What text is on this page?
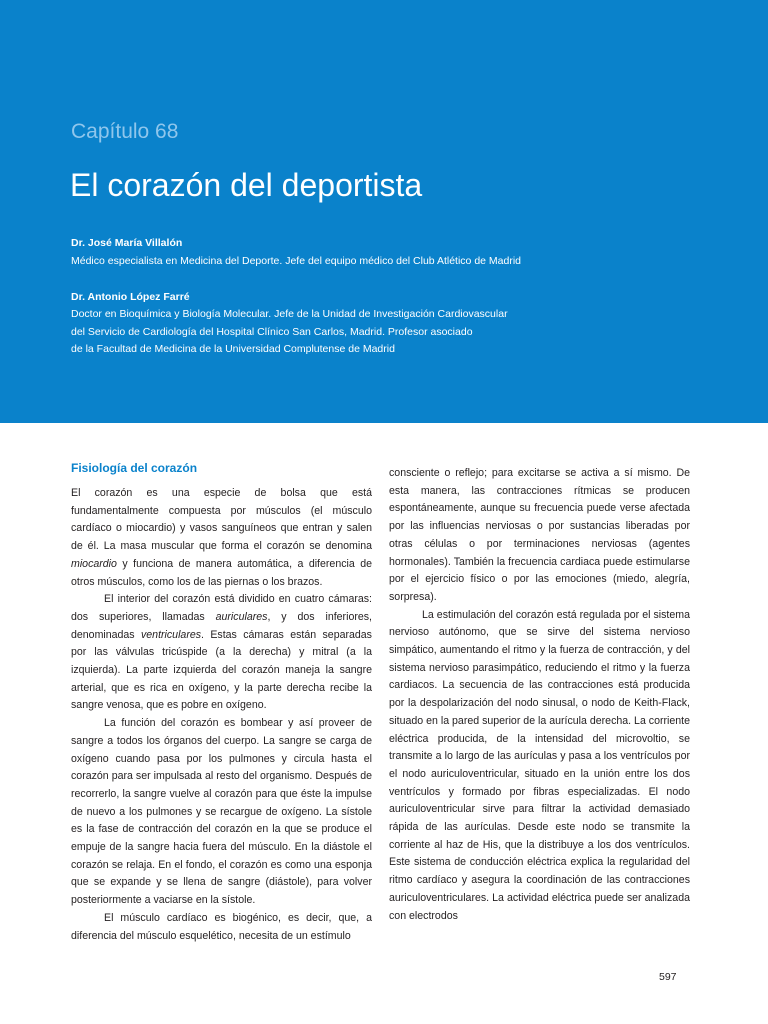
Capítulo 68
El corazón del deportista
Dr. José María Villalón
Médico especialista en Medicina del Deporte. Jefe del equipo médico del Club Atlético de Madrid
Dr. Antonio López Farré
Doctor en Bioquímica y Biología Molecular. Jefe de la Unidad de Investigación Cardiovascular
del Servicio de Cardiología del Hospital Clínico San Carlos, Madrid. Profesor asociado
de la Facultad de Medicina de la Universidad Complutense de Madrid
Fisiología del corazón

El corazón es una especie de bolsa que está fundamentalmente compuesta por músculos (el músculo cardíaco o miocardio) y vasos sanguíneos que entran y salen de él. La masa muscular que forma el corazón se denomina miocardio y funciona de manera automática, a diferencia de otros músculos, como los de las piernas o los brazos.

El interior del corazón está dividido en cuatro cámaras: dos superiores, llamadas auriculares, y dos inferiores, denominadas ventriculares. Estas cámaras están separadas por las válvulas tricúspide (a la derecha) y mitral (a la izquierda). La parte izquierda del corazón maneja la sangre arterial, que es rica en oxígeno, y la parte derecha recibe la sangre venosa, que es pobre en oxígeno.

La función del corazón es bombear y así proveer de sangre a todos los órganos del cuerpo. La sangre se carga de oxígeno cuando pasa por los pulmones y circula hasta el corazón para ser impulsada al resto del organismo. Después de recorrerlo, la sangre vuelve al corazón para que éste la impulse de nuevo a los pulmones y se recargue de oxígeno. La sístole es la fase de contracción del corazón en la que se produce el empuje de la sangre hacia fuera del músculo. En la diástole el corazón se relaja. En el fondo, el corazón es como una esponja que se expande y se llena de sangre (diástole), para volver posteriormente a vaciarse en la sístole.

El músculo cardíaco es biogénico, es decir, que, a diferencia del músculo esquelético, necesita de un estímulo

consciente o reflejo; para excitarse se activa a sí mismo. De esta manera, las contracciones rítmicas se producen espontáneamente, aunque su frecuencia puede verse afectada por las influencias nerviosas o por sustancias liberadas por otras células o por terminaciones nerviosas (agentes hormonales). También la frecuencia cardiaca puede estimularse por el ejercicio físico o por las emociones (miedo, alegría, sorpresa).

La estimulación del corazón está regulada por el sistema nervioso autónomo, que se sirve del sistema nervioso simpático, aumentando el ritmo y la fuerza de contracción, y del sistema nervioso parasimpático, reduciendo el ritmo y la fuerza cardiacos. La secuencia de las contracciones está producida por la despolarización del nodo sinusal, o nodo de Keith-Flack, situado en la pared superior de la aurícula derecha. La corriente eléctrica producida, de la intensidad del microvoltio, se transmite a lo largo de las aurículas y pasa a los ventrículos por el nodo auriculoventricular, situado en la unión entre los dos ventrículos y formado por fibras especializadas. El nodo auriculoventricular sirve para filtrar la actividad demasiado rápida de las aurículas. Desde este nodo se transmite la corriente al haz de His, que la distribuye a los dos ventrículos. Este sistema de conducción eléctrica explica la regularidad del ritmo cardíaco y asegura la coordinación de las contracciones auriculoventriculares. La actividad eléctrica puede ser analizada con electrodos

597
